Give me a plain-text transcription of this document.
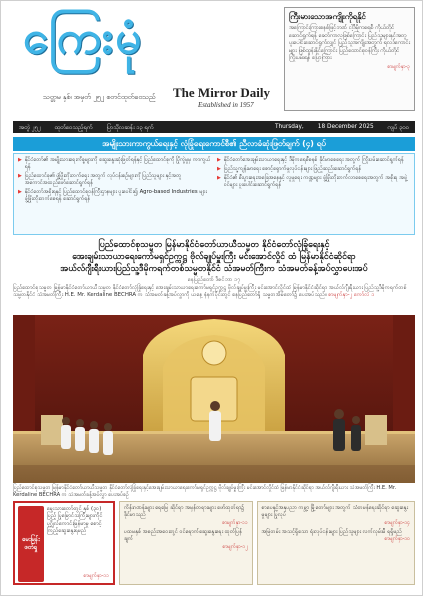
ကြေးမုံ
သတ္တမ နှစ်၊ အမှတ် ၂၅၂ စတင်ထုတ်ဝေသည် The Mirror Daily
Established in 1957
ကြီးမားသောအကျိုးကိုရနိုင်
အကြောင်းကြားစနစ်ဖြင့်ဘဏ် ငါ့ဒီမိုကရေစီ ကိုယ်တိုင်ဆောင်ရွက်ရန် ခေတ်ကာလဖြစ်ကြောင်း ပြည်သူများနှင့်အတူ ပူးပေါင်းဆောင်ရွက်လျှင် ပြည်သူအကျိုးအတွက် ရလဒ်ကောင်းများ ဖြစ်ထွန်းနိုင်ကြောင်း ပြည်ထောင်စုဝန်ကြီး ကိုယ်တိုင်ကြိုးပမ်းရန် ပြောကြား
စာမျက်နှာ-၃
အတွဲ ၂၅၂ ထုတ်ဝေသည့်ရက် ပြာသိုလဆန်း ၁၃ ရက်	Thursday, 18 December 2025 ကျပ် ၃၀၀
အမျိုးသားကာကွယ်ရေးနှင့် လုံခြုံရေးကောင်စီ၏ ညီလာခံဆုံးဖြတ်ချက် (၄) ရပ်
▶ နိုင်ငံတော်၏ အမျိုးသားရေးကိစ္စများကို ဆွေးနွေးဆုံးဖြတ်ရန်နှင့် ပြည်ထောင်စုကို ပြိုကွဲမှုမှ ကာကွယ်ရန်
▶ ပြည်ထောင်စု၏ ဖွံ့ဖြိုးတိုးတက်ရေး အတွက် လုပ်ငန်းစဉ်များကို ပြည်သူများ နှင့်အတူ အကောင်အထည်ဖော်ဆောင်ရွက်ရန်
▶ နိုင်ငံတော်အစိုးရနှင့် ပြည်ထောင်စုဝန်ကြီးဌာနများ ပူးပေါင်း၍ Agro-based Industries များ ဖွံ့ဖြိုးတိုးတက်စေရန် ဆောင်ရွက်ရန်
▶ နိုင်ငံတော်အေးချမ်းသာယာရေးနှင့် ဒီမိုကရေစီစနစ် ခိုင်မာစေရေး အတွက် ကြိုးပမ်းဆောင်ရွက်ရန်
▶ ပြည်သူ့ကျန်းမာရေး စောင့်ရှောက်မှုလုပ်ငန်းများ ဖြည့်ဆည်းဆောင်ရွက်ရန်
▶ နိုင်ငံ၏ စီးပွားရေးအခြေအနေနှင့် လူမှုရေး ကဏ္ဍများ ဖွံ့ဖြိုးတိုးတက်လာစေရေးအတွက် အစိုးရ အဖွဲ့ဝင်များ ပူးပေါင်းဆောင်ရွက်ရန်
ပြည်ထောင်စုသမ္မတ မြန်မာနိုင်ငံတော်ယာယီသမ္မတ နိုင်ငံတော်လုံခြုံရေးနှင့်
အေးချမ်းသာယာရေးကော်မရှင်ဥက္ကဋ္ဌ ဗိုလ်ချုပ်မှူးကြီး မင်းအောင်လှိုင် ထံ မြန်မာနိုင်ငံဆိုင်ရာ
အယ်လ်ဂျီးရီးယားပြည်သူ့ဒီမိုကရက်တစ်သမ္မတနိုင်ငံ သံအမတ်ကြီးက သံအမတ်ခန့်အပ်လွှာပေးအပ်
နေပြည်တော် ဒီဇင်ဘာ ၁၇
ပြည်ထောင်စုသမ္မတ မြန်မာနိုင်ငံတော်ယာယီသမ္မတ နိုင်ငံတော်လုံခြုံရေးနှင့် အေးချမ်းသာယာရေးကော်မရှင်ဥက္ကဋ္ဌ ဗိုလ်ချုပ်မှူးကြီး မင်းအောင်လှိုင်ထံ မြန်မာနိုင်ငံဆိုင်ရာ အယ်လ်ဂျီးရီးယား ပြည်သူ့ဒီမိုကရက်တစ်သမ္မတနိုင်ငံ သံအမတ်ကြီး H.E. Mr. Kerdaline BECHRA က သံအမတ်ခန့်အပ်လွှာကို ယနေ့ နံနက်ပိုင်းတွင် နေပြည်တော်ရှိ သမ္မတအိမ်တော်၌ ပေးအပ်သည်။ စာမျက်နှာ-၂ ကော်လံ ၁
ပြည်ထောင်စုသမ္မတ မြန်မာနိုင်ငံတော်ယာယီသမ္မတ နိုင်ငံတော်လုံခြုံရေးနှင့်အေးချမ်းသာယာရေးကော်မရှင်ဥက္ကဋ္ဌ ဗိုလ်ချုပ်မှူးကြီး မင်းအောင်လှိုင်ထံ မြန်မာနိုင်ငံဆိုင်ရာ အယ်လ်ဂျီးရီးယား သံအမတ်ကြီး H.E. Mr. Kerdaline BECHRA က သံအမတ်ခန့်အပ်လွှာ ပေးအပ်စဉ်
မေးမြန်း
ဖတ်ရှု
မွေးသားတော်တွင် နှစ် (၃၀) ပြည့် ပြုမြောင်သကြီးများကိုင် ပုဂ္ဂိုလ်ကောင်းမြန်မာမှု စောင့်ကြည့်ဆွေးနွေးရမည်
စာမျက်နှာ-၁၁
ကိန်းဂဏန်းများ ရေမြေ ဆိုင်ရာ အမှန်တရားများ ဖော်ထုတ်ရာ၌ ခိုင်မာသည်
စာမျက်နှာ-၁၁
ပထမနှစ် အစည်းအဝေးတွင် ဝင်ရောက်ဆွေးနွေးရေး ထုတ်ပြန်ချက်
စာမျက်နှာ-၁၂
စာပေနှင့်အနုပညာ ကမ္ဘာ့ မြို့တော်များ အတွက် သံတမန်ရေးဆိုင်ရာ ဆွေးနွေးမှုများ ပြုလုပ်
စာမျက်နှာ-၁၄
အမြဲတမ်း အသင့်ရှိသော ရုံးလုပ်ငန်းများ ပြည်သူများ လက်လှမ်းမီ ရရှိမည်
စာမျက်နှာ-၁၀
